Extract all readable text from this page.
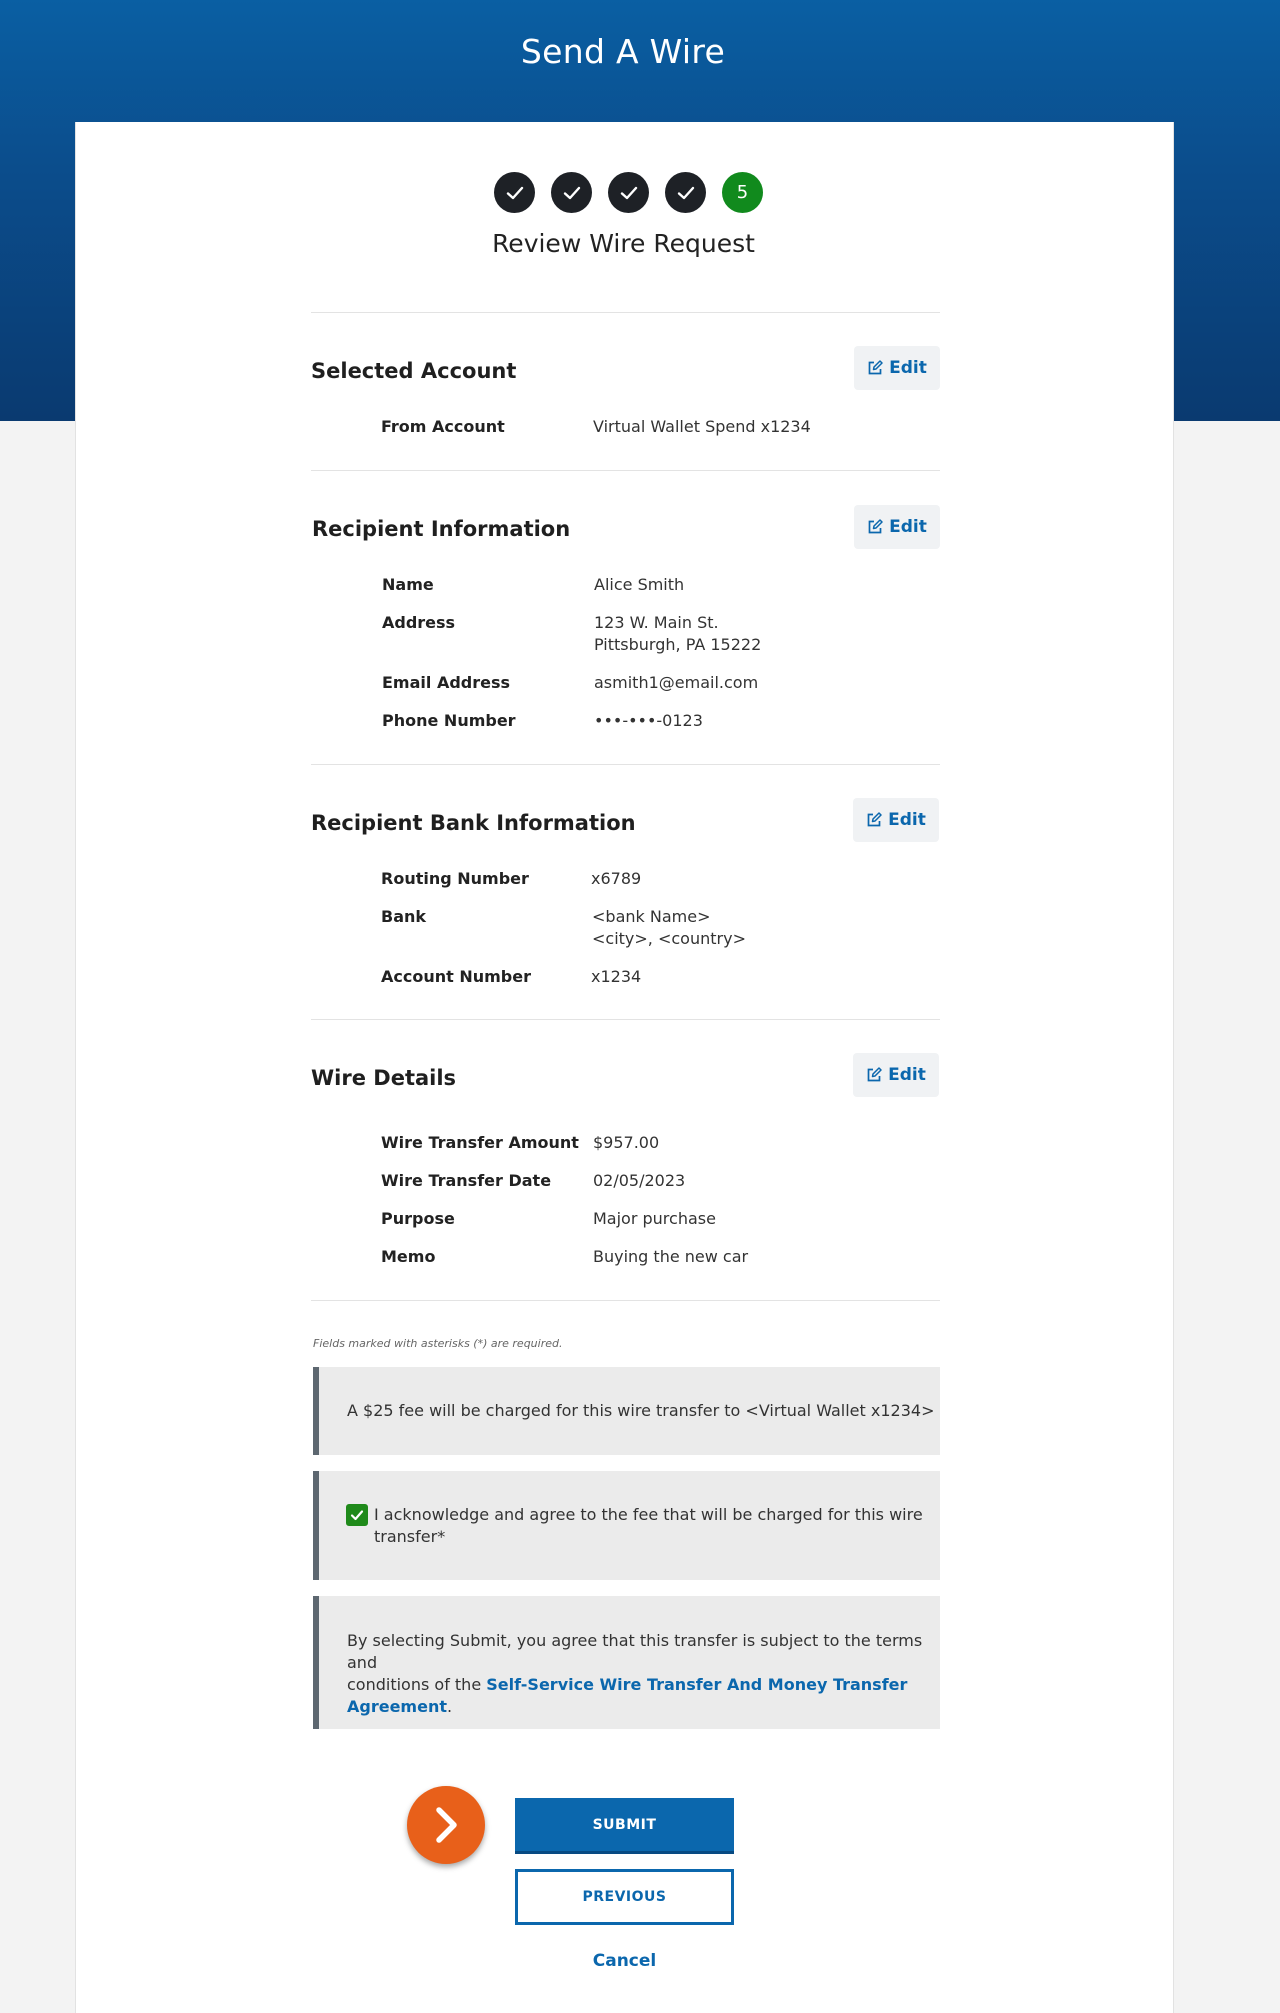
Send A Wire
5
Review Wire Request
Selected Account	Edit
From Account	Virtual Wallet Spend x1234
Recipient Information	Edit
Name	Alice Smith
Address	123 W. Main St.
Pittsburgh, PA 15222
Email Address	asmith1@email.com
Phone Number	•••-•••-0123
Recipient Bank Information	Edit
Routing Number	x6789
Bank	<bank Name>
<city>, <country>
Account Number	x1234
Wire Details	Edit
Wire Transfer Amount $957.00
Wire Transfer Date	02/05/2023
Purpose	Major purchase
Memo	Buying the new car
Fields marked with asterisks (*) are required.
A $25 fee will be charged for this wire transfer to <Virtual Wallet x1234>
I acknowledge and agree to the fee that will be charged for this wire
transfer*
By selecting Submit, you agree that this transfer is subject to the terms and
conditions of the Self-Service Wire Transfer And Money Transfer
Agreement.
SUBMIT
PREVIOUS
Cancel
